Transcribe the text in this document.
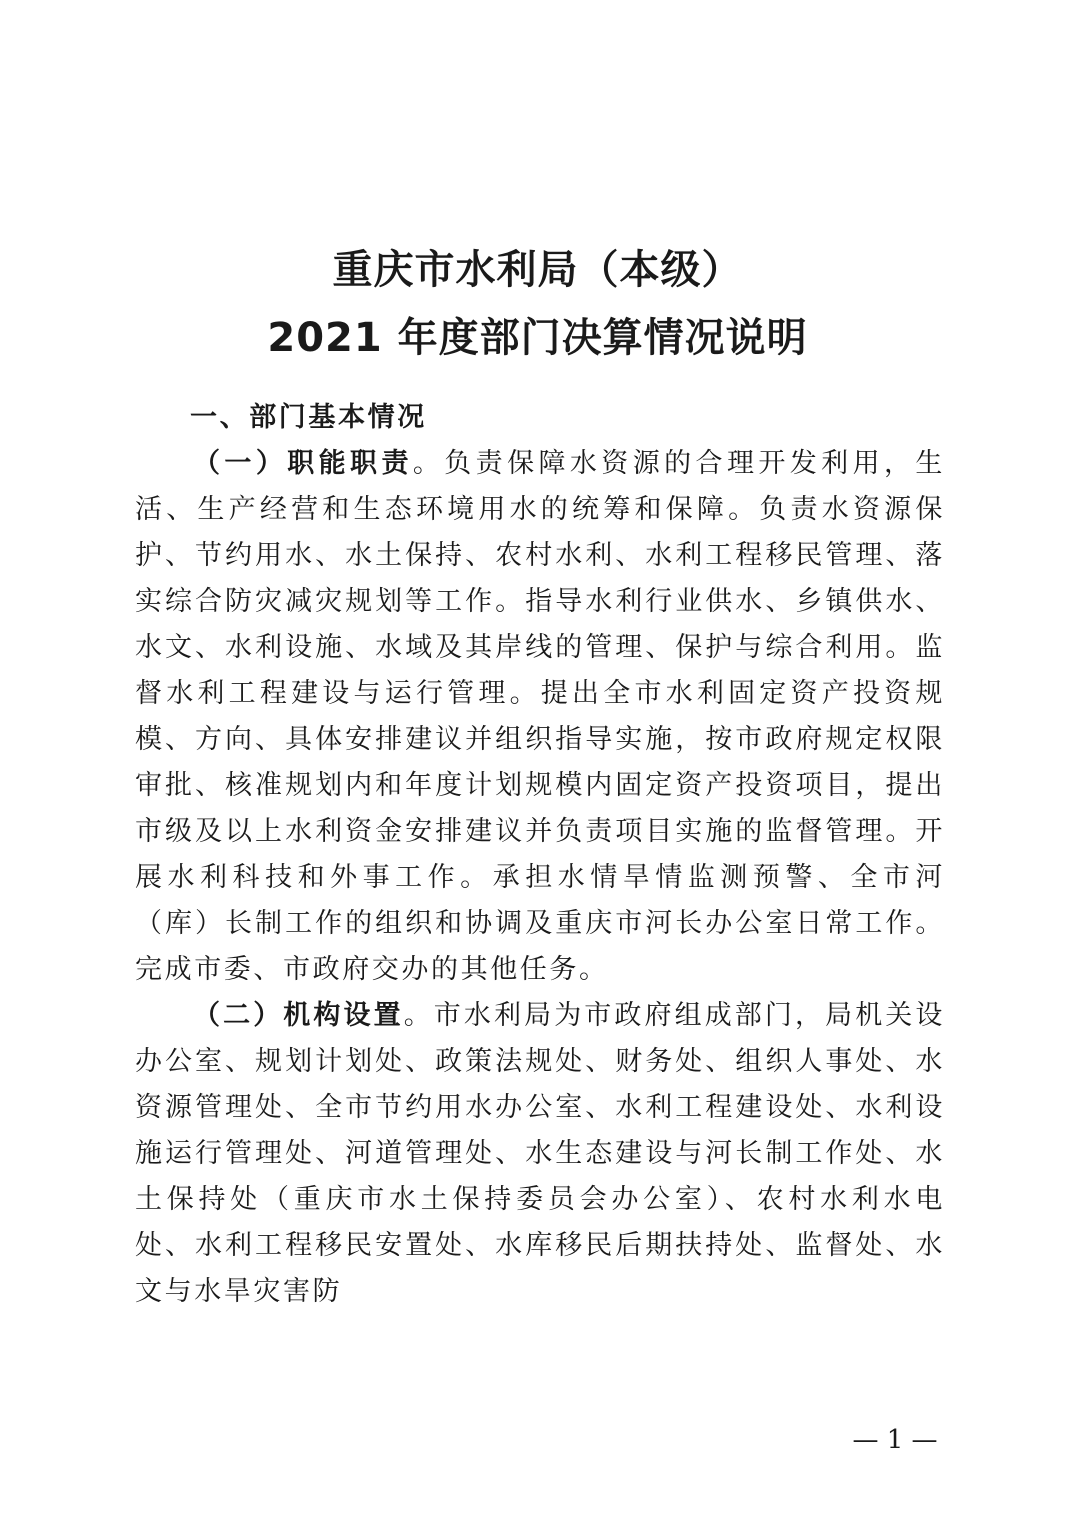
重庆市水利局（本级）

2021 年度部门决算情况说明

一、部门基本情况

（一）职能职责。负责保障水资源的合理开发利用，生活、生产经营和生态环境用水的统筹和保障。负责水资源保护、节约用水、水土保持、农村水利、水利工程移民管理、落实综合防灾减灾规划等工作。指导水利行业供水、乡镇供水、水文、水利设施、水域及其岸线的管理、保护与综合利用。监督水利工程建设与运行管理。提出全市水利固定资产投资规模、方向、具体安排建议并组织指导实施，按市政府规定权限审批、核准规划内和年度计划规模内固定资产投资项目，提出市级及以上水利资金安排建议并负责项目实施的监督管理。开展水利科技和外事工作。承担水情旱情监测预警、全市河（库）长制工作的组织和协调及重庆市河长办公室日常工作。完成市委、市政府交办的其他任务。

（二）机构设置。市水利局为市政府组成部门，局机关设办公室、规划计划处、政策法规处、财务处、组织人事处、水资源管理处、全市节约用水办公室、水利工程建设处、水利设施运行管理处、河道管理处、水生态建设与河长制工作处、水土保持处（重庆市水土保持委员会办公室）、农村水利水电处、水利工程移民安置处、水库移民后期扶持处、监督处、水文与水旱灾害防

— 1 —
